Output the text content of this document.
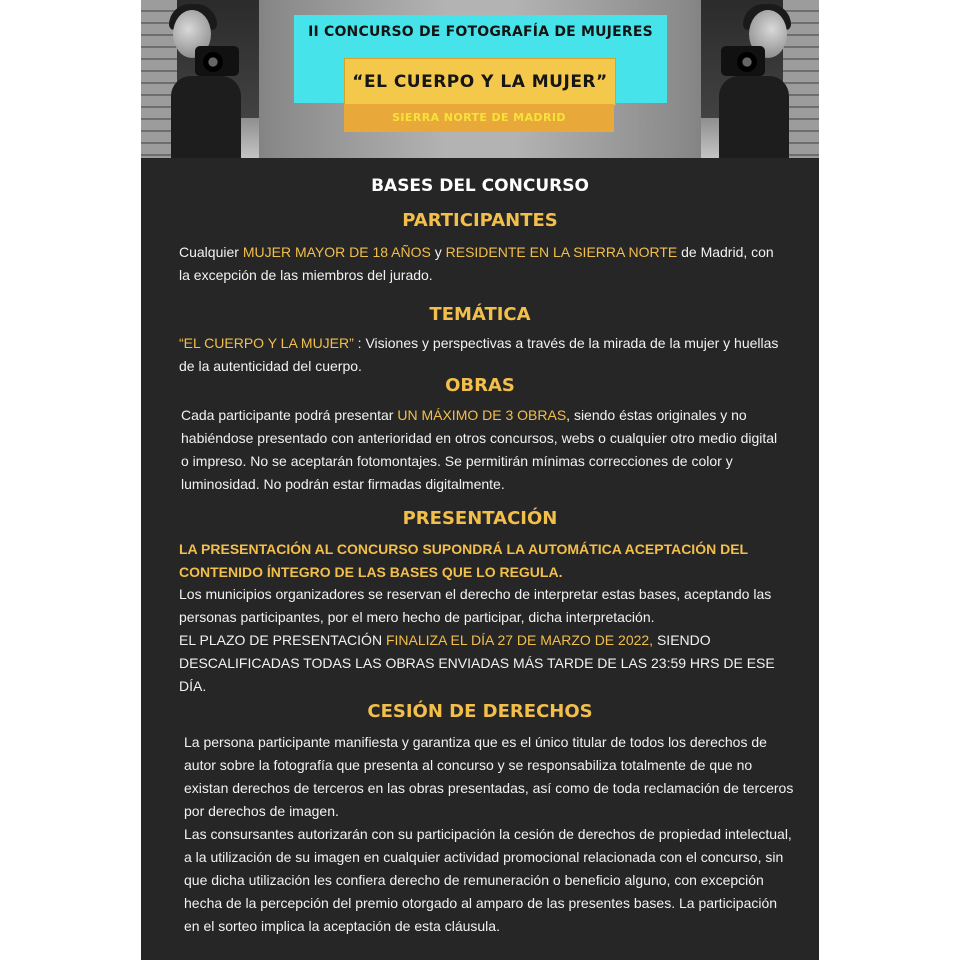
II CONCURSO DE FOTOGRAFÍA DE MUJERES
“EL CUERPO Y LA MUJER”
SIERRA NORTE DE MADRID
BASES DEL CONCURSO
PARTICIPANTES

Cualquier MUJER MAYOR DE 18 AÑOS y RESIDENTE EN LA SIERRA NORTE de Madrid, con la excepción de las miembros del jurado.

TEMÁTICA

“EL CUERPO Y LA MUJER” : Visiones y perspectivas a través de la mirada de la mujer y huellas de la autenticidad del cuerpo.

OBRAS

Cada participante podrá presentar UN MÁXIMO DE 3 OBRAS, siendo éstas originales y no habiéndose presentado con anterioridad en otros concursos, webs o cualquier otro medio digital o impreso. No se aceptarán fotomontajes. Se permitirán mínimas correcciones de color y luminosidad. No podrán estar firmadas digitalmente.

PRESENTACIÓN

LA PRESENTACIÓN AL CONCURSO SUPONDRÁ LA AUTOMÁTICA ACEPTACIÓN DEL CONTENIDO ÍNTEGRO DE LAS BASES QUE LO REGULA.

Los municipios organizadores se reservan el derecho de interpretar estas bases, aceptando las personas participantes, por el mero hecho de participar, dicha interpretación.
EL PLAZO DE PRESENTACIÓN FINALIZA EL DÍA 27 DE MARZO DE 2022, SIENDO DESCALIFICADAS TODAS LAS OBRAS ENVIADAS MÁS TARDE DE LAS 23:59 HRS DE ESE DÍA.

CESIÓN DE DERECHOS

La persona participante manifiesta y garantiza que es el único titular de todos los derechos de autor sobre la fotografía que presenta al concurso y se responsabiliza totalmente de que no existan derechos de terceros en las obras presentadas, así como de toda reclamación de terceros por derechos de imagen.

Las consursantes autorizarán con su participación la cesión de derechos de propiedad intelectual, a la utilización de su imagen en cualquier actividad promocional relacionada con el concurso, sin que dicha utilización les confiera derecho de remuneración o beneficio alguno, con excepción hecha de la percepción del premio otorgado al amparo de las presentes bases. La participación en el sorteo implica la aceptación de esta cláusula.
